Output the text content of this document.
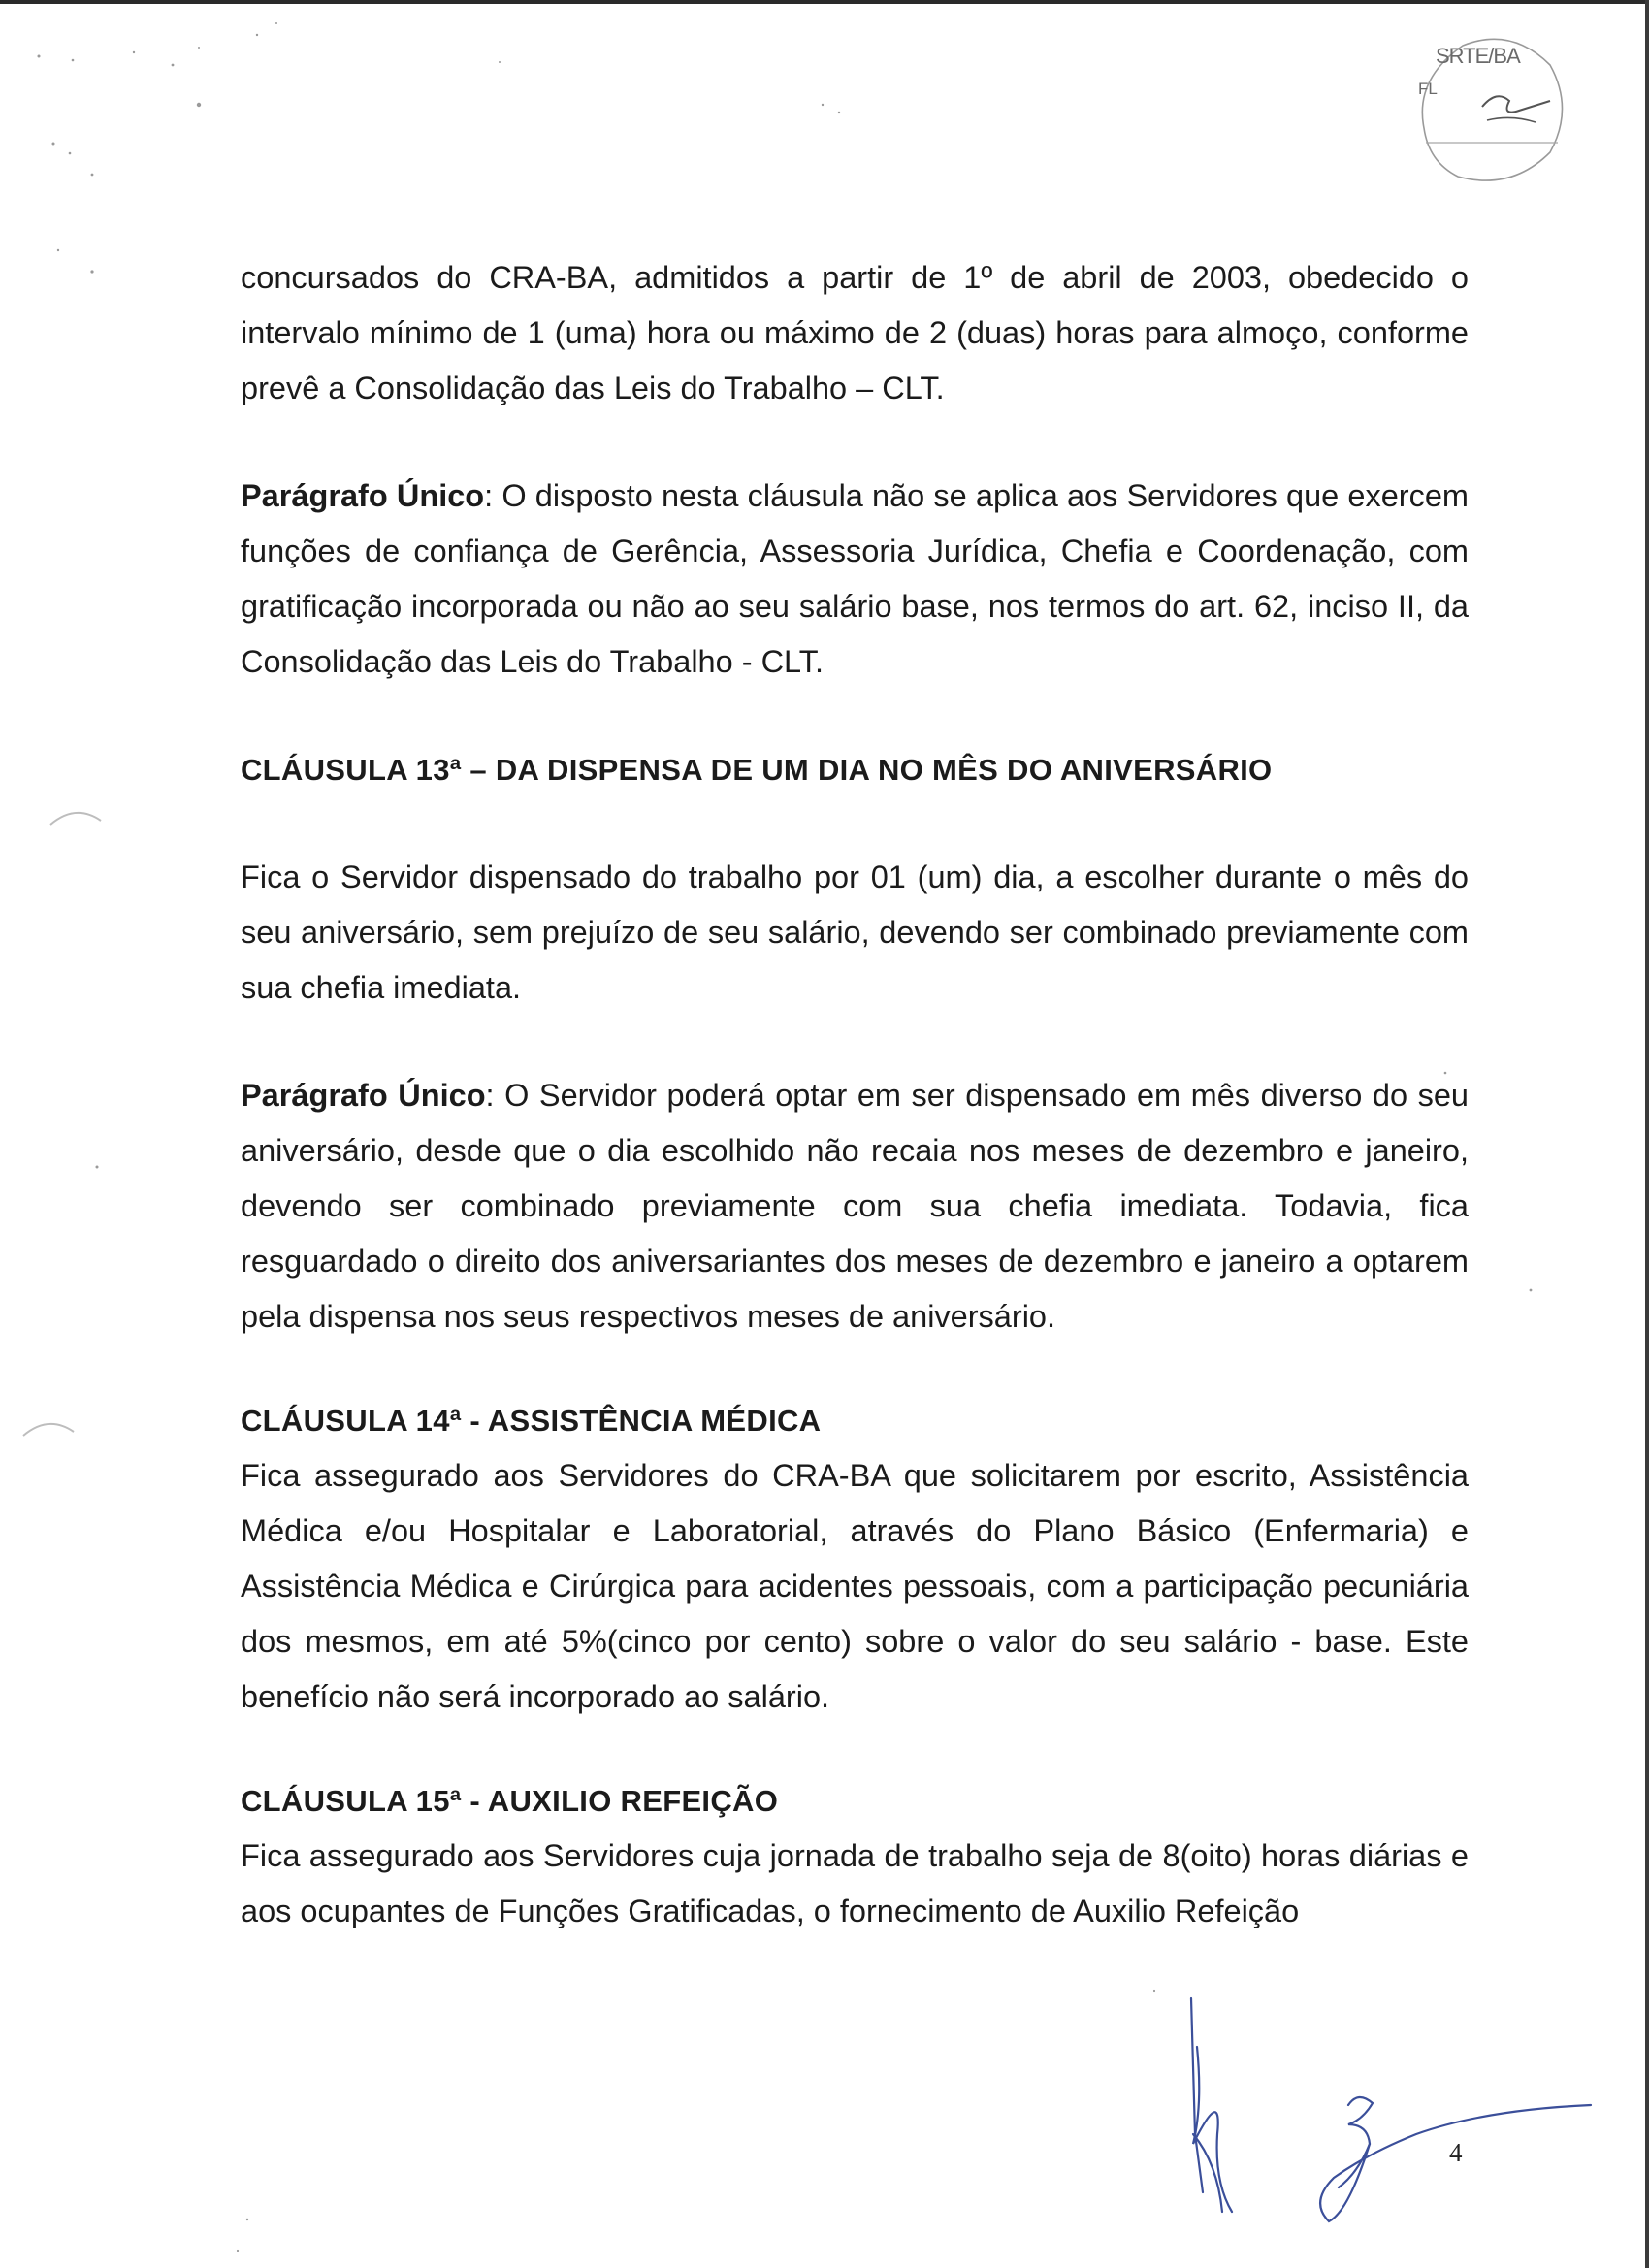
SRTE/BA
FL

concursados do CRA-BA, admitidos a partir de 1º de abril de 2003, obedecido o intervalo mínimo de 1 (uma) hora ou máximo de 2 (duas) horas para almoço, conforme prevê a Consolidação das Leis do Trabalho – CLT.

Parágrafo Único: O disposto nesta cláusula não se aplica aos Servidores que exercem funções de confiança de Gerência, Assessoria Jurídica, Chefia e Coordenação, com gratificação incorporada ou não ao seu salário base, nos termos do art. 62, inciso II, da Consolidação das Leis do Trabalho - CLT.

CLÁUSULA 13ª – DA DISPENSA DE UM DIA NO MÊS DO ANIVERSÁRIO

Fica o Servidor dispensado do trabalho por 01 (um) dia, a escolher durante o mês do seu aniversário, sem prejuízo de seu salário, devendo ser combinado previamente com sua chefia imediata.

Parágrafo Único: O Servidor poderá optar em ser dispensado em mês diverso do seu aniversário, desde que o dia escolhido não recaia nos meses de dezembro e janeiro, devendo ser combinado previamente com sua chefia imediata. Todavia, fica resguardado o direito dos aniversariantes dos meses de dezembro e janeiro a optarem pela dispensa nos seus respectivos meses de aniversário.

CLÁUSULA 14ª - ASSISTÊNCIA MÉDICA

Fica assegurado aos Servidores do CRA-BA que solicitarem por escrito, Assistência Médica e/ou Hospitalar e Laboratorial, através do Plano Básico (Enfermaria) e Assistência Médica e Cirúrgica para acidentes pessoais, com a participação pecuniária dos mesmos, em até 5%(cinco por cento) sobre o valor do seu salário - base. Este benefício não será incorporado ao salário.

CLÁUSULA 15ª - AUXILIO REFEIÇÃO

Fica assegurado aos Servidores cuja jornada de trabalho seja de 8(oito) horas diárias e aos ocupantes de Funções Gratificadas, o fornecimento de Auxilio Refeição

4
